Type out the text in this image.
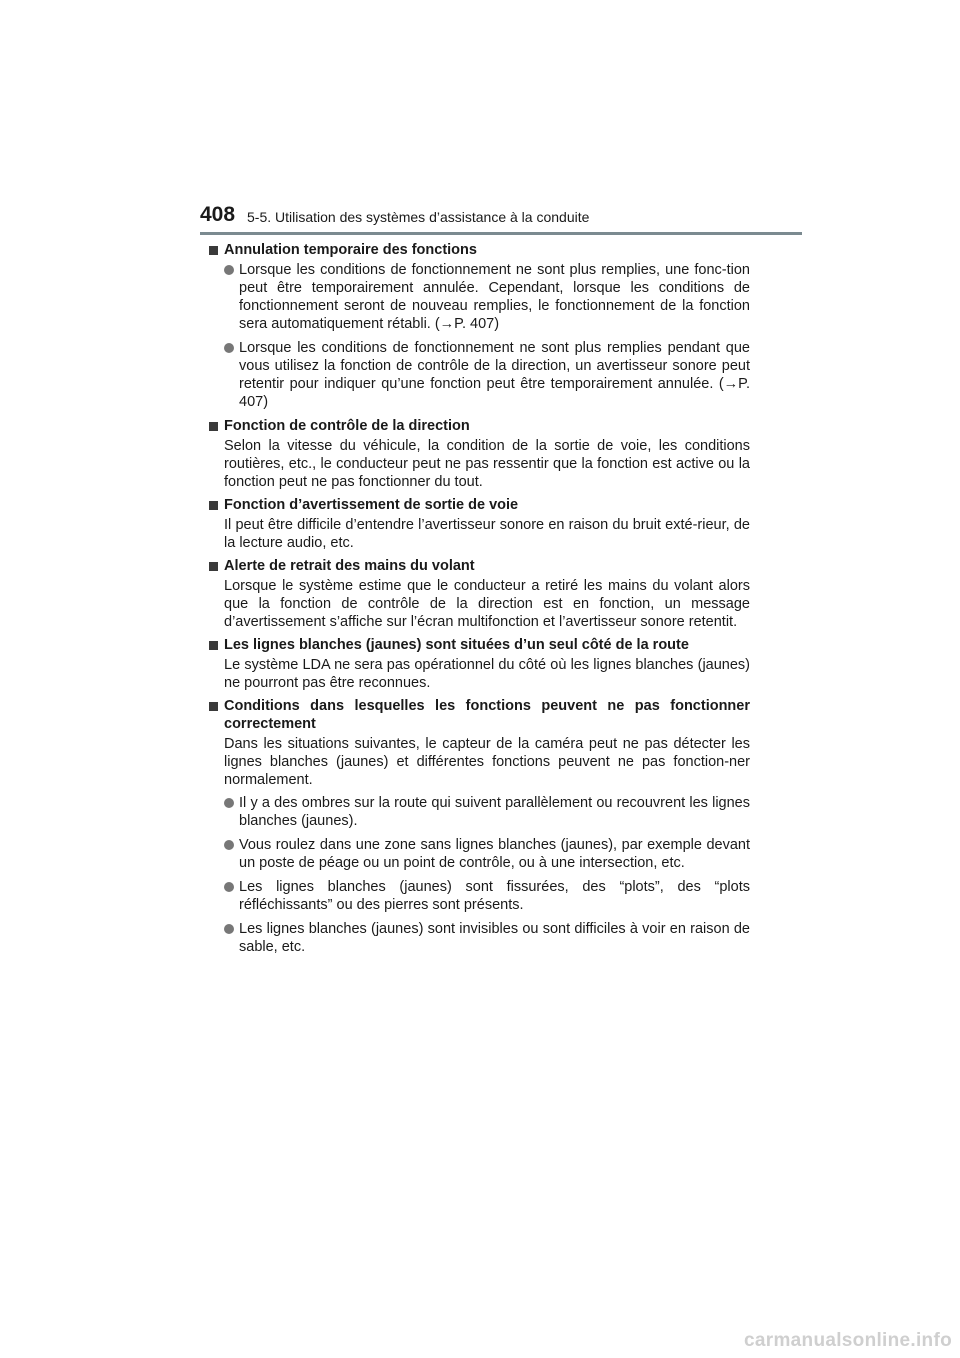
408 5-5. Utilisation des systèmes d’assistance à la conduite
Annulation temporaire des fonctions
Lorsque les conditions de fonctionnement ne sont plus remplies, une fonc-tion peut être temporairement annulée. Cependant, lorsque les conditions de fonctionnement seront de nouveau remplies, le fonctionnement de la fonction sera automatiquement rétabli. (→P. 407)
Lorsque les conditions de fonctionnement ne sont plus remplies pendant que vous utilisez la fonction de contrôle de la direction, un avertisseur sonore peut retentir pour indiquer qu’une fonction peut être temporairement annulée. (→P. 407)
Fonction de contrôle de la direction
Selon la vitesse du véhicule, la condition de la sortie de voie, les conditions routières, etc., le conducteur peut ne pas ressentir que la fonction est active ou la fonction peut ne pas fonctionner du tout.
Fonction d’avertissement de sortie de voie
Il peut être difficile d’entendre l’avertisseur sonore en raison du bruit exté-rieur, de la lecture audio, etc.
Alerte de retrait des mains du volant
Lorsque le système estime que le conducteur a retiré les mains du volant alors que la fonction de contrôle de la direction est en fonction, un message d’avertissement s’affiche sur l’écran multifonction et l’avertisseur sonore retentit.
Les lignes blanches (jaunes) sont situées d’un seul côté de la route
Le système LDA ne sera pas opérationnel du côté où les lignes blanches (jaunes) ne pourront pas être reconnues.
Conditions dans lesquelles les fonctions peuvent ne pas fonctionner correctement
Dans les situations suivantes, le capteur de la caméra peut ne pas détecter les lignes blanches (jaunes) et différentes fonctions peuvent ne pas fonction-ner normalement.
Il y a des ombres sur la route qui suivent parallèlement ou recouvrent les lignes blanches (jaunes).
Vous roulez dans une zone sans lignes blanches (jaunes), par exemple devant un poste de péage ou un point de contrôle, ou à une intersection, etc.
Les lignes blanches (jaunes) sont fissurées, des “plots”, des “plots réfléchissants” ou des pierres sont présents.
Les lignes blanches (jaunes) sont invisibles ou sont difficiles à voir en raison de sable, etc.
carmanualsonline.info
